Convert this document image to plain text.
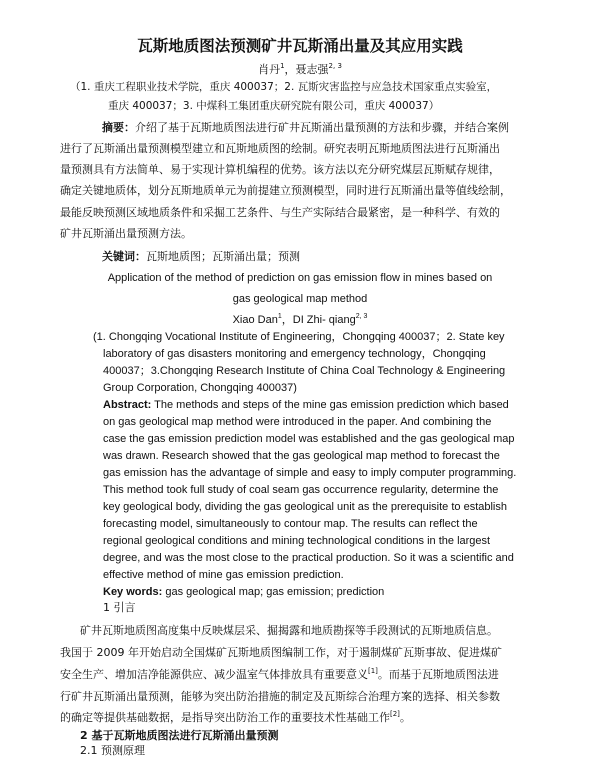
瓦斯地质图法预测矿井瓦斯涌出量及其应用实践
肖丹$^1$，聂志强$^{2, 3}$
（1. 重庆工程职业技术学院，重庆 400037；2. 瓦斯灾害监控与应急技术国家重点实验室，
重庆 400037；3. 中煤科工集团重庆研究院有限公司，重庆 400037）
摘要：介绍了基于瓦斯地质图法进行矿井瓦斯涌出量预测的方法和步骤，并结合案例
进行了瓦斯涌出量预测模型建立和瓦斯地质图的绘制。研究表明瓦斯地质图法进行瓦斯涌出
量预测具有方法简单、易于实现计算机编程的优势。该方法以充分研究煤层瓦斯赋存规律，
确定关键地质体，划分瓦斯地质单元为前提建立预测模型，同时进行瓦斯涌出量等值线绘制，
最能反映预测区域地质条件和采掘工艺条件、与生产实际结合最紧密，是一种科学、有效的
矿井瓦斯涌出量预测方法。
关键词：瓦斯地质图；瓦斯涌出量；预测
Application of the method of prediction on gas emission flow in mines based on
gas geological map method
Xiao Dan$^1$，DI Zhi- qiang$^{2, 3}$
(1. Chongqing Vocational Institute of Engineering，Chongqing 400037；2. State key
laboratory of gas disasters monitoring and emergency technology，Chongqing
400037；3.Chongqing Research Institute of China Coal Technology & Engineering
Group Corporation, Chongqing 400037)
Abstract: The methods and steps of the mine gas emission prediction which based
on gas geological map method were introduced in the paper. And combining the
case the gas emission prediction model was established and the gas geological map
was drawn. Research showed that the gas geological map method to forecast the
gas emission has the advantage of simple and easy to imply computer programming.
This method took full study of coal seam gas occurrence regularity, determine the
key geological body, dividing the gas geological unit as the prerequisite to establish
forecasting model, simultaneously to contour map. The results can reflect the
regional geological conditions and mining technological conditions in the largest
degree, and was the most close to the practical production. So it was a scientific and
effective method of mine gas emission prediction.
Key words: gas geological map; gas emission; prediction
1 引言
矿井瓦斯地质图高度集中反映煤层采、掘揭露和地质勘探等手段测试的瓦斯地质信息。
我国于 2009 年开始启动全国煤矿瓦斯地质图编制工作，对于遏制煤矿瓦斯事故、促进煤矿
安全生产、增加洁净能源供应、减少温室气体排放具有重要意义[1]。而基于瓦斯地质图法进
行矿井瓦斯涌出量预测，能够为突出防治措施的制定及瓦斯综合治理方案的选择、相关参数
的确定等提供基础数据，是指导突出防治工作的重要技术性基础工作[2]。
2 基于瓦斯地质图法进行瓦斯涌出量预测
2.1 预测原理
